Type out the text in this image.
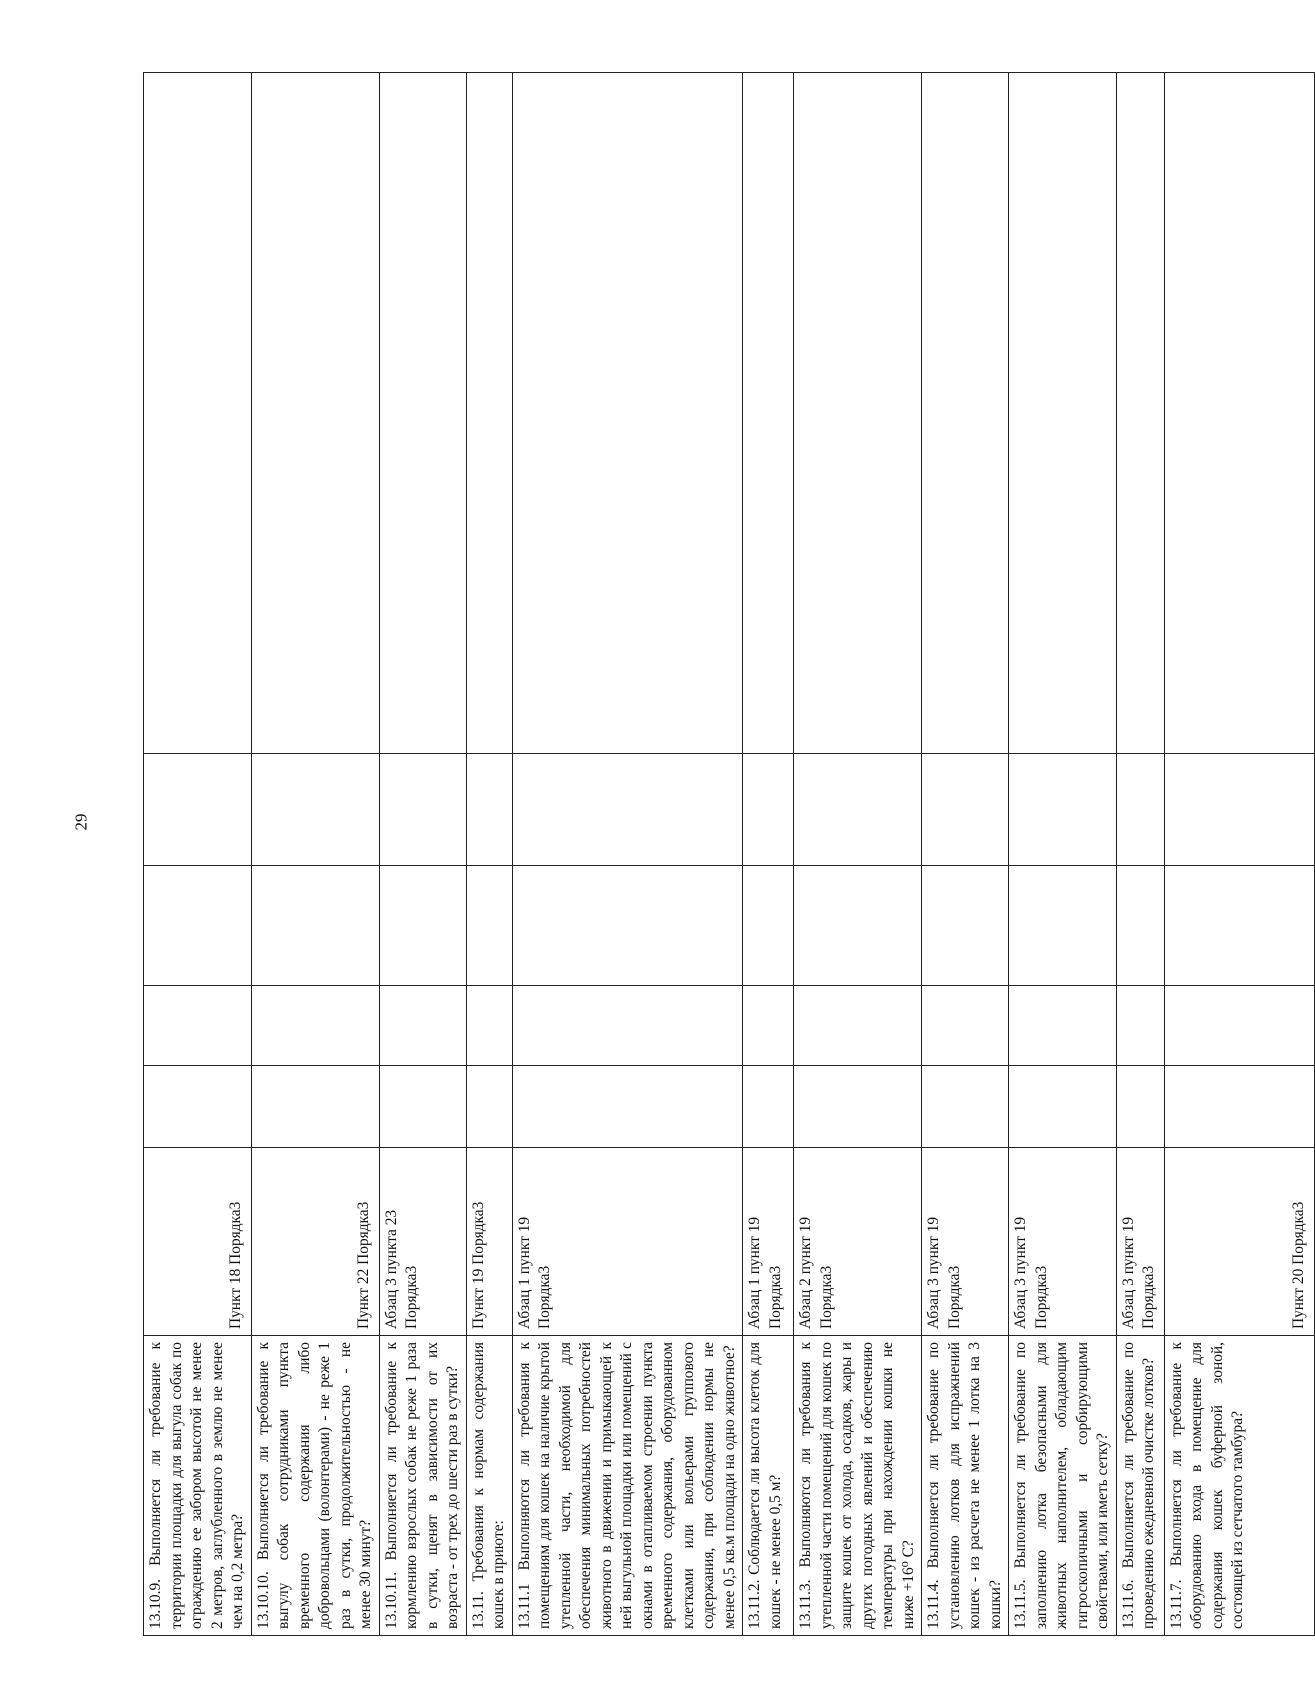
29
13.10.9. Выполняется ли требование к территории площадки для выгула собак по ограждению ее забором высотой не менее 2 метров, заглубленного в землю не менее чем на 0,2 метра?	Пункт 18 Порядка3					
13.10.10. Выполняется ли требование к выгулу собак сотрудниками пункта временного содержания либо добровольцами (волонтерами) - не реже 1 раз в сутки, продолжительностью - не менее 30 минут?	Пункт 22 Порядка3					
13.10.11. Выполняется ли требование к кормлению взрослых собак не реже 1 раза в сутки, щенят в зависимости от их возраста - от трех до шести раз в сутки?	Абзац 3 пункта 23 Порядка3					
13.11. Требования к нормам содержания кошек в приюте:	Пункт 19 Порядка3					
13.11.1 Выполняются ли требования к помещениям для кошек на наличие крытой утепленной части, необходимой для обеспечения минимальных потребностей животного в движении и примыкающей к ней выгульной площадки или помещений с окнами в отапливаемом строении пункта временного содержания, оборудованном клетками или вольерами группового содержания, при соблюдении нормы не менее 0,5 кв.м площади на одно животное?	Абзац 1 пункт 19 Порядка3					
13.11.2. Соблюдается ли высота клеток для кошек - не менее 0,5 м?	Абзац 1 пункт 19 Порядка3					
13.11.3. Выполняются ли требования к утепленной части помещений для кошек по защите кошек от холода, осадков, жары и других погодных явлений и обеспечению температуры при нахождении кошки не ниже +16⁰ С?	Абзац 2 пункт 19 Порядка3					
13.11.4. Выполняется ли требование по установлению лотков для испражнений кошек - из расчета не менее 1 лотка на 3 кошки?	Абзац 3 пункт 19 Порядка3					
13.11.5. Выполняется ли требование по заполнению лотка безопасными для животных наполнителем, обладающим гигроскопичными и сорбирующими свойствами, или иметь сетку?	Абзац 3 пункт 19 Порядка3					
13.11.6. Выполняется ли требование по проведению ежедневной очистке лотков?	Абзац 3 пункт 19 Порядка3					
13.11.7. Выполняется ли требование к оборудованию входа в помещение для содержания кошек буферной зоной, состоящей из сетчатого тамбура?	Пункт 20 Порядка3					
